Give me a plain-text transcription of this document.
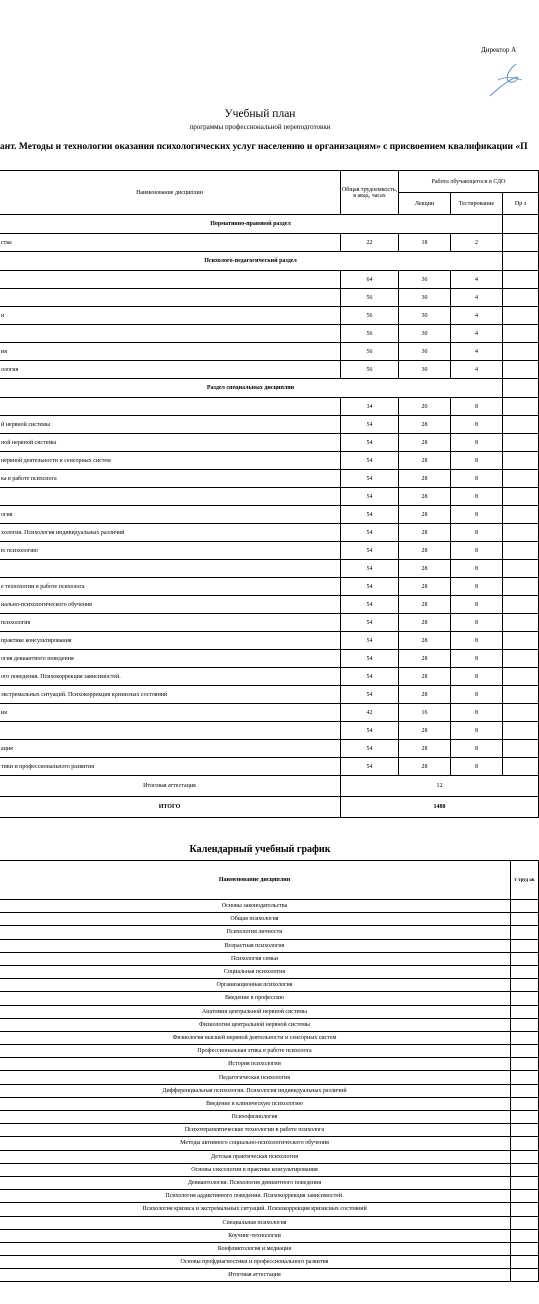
Директор А
Учебный план
программы профессиональной переподготовки
ант. Методы и технологии оказания психологических услуг населению и организациям» с присвоением квалификации «П
Наименование дисциплин	Общая трудоемкость, в акад. часах	Работа обучающегося в СДО		
		Лекции	Тестирование	Пр з
Нормативно-правовой раздел				
ства	22	18	2	
Психолого-педагогический раздел				
	64	36	4	
	56	30	4	
и	56	30	4	
	56	30	4	
ия	56	30	4	
ология	56	30	4	
Раздел специальных дисциплин				
	34	20	8	
й нервной системы	54	28	8	
ной нервной системы	54	28	8	
нервной деятельности и сенсорных систем	54	28	8	
ка в работе психолога	54	28	8	
	54	28	8	
огия	54	28	8	
хология. Психология индивидуальных различий	54	28	8	
ю психологию	54	28	8	
	54	28	8	
е технологии в работе психолога	54	28	8	
иально-психологического обучения	54	28	8	
психология	54	28	8	
практике консультирования	54	28	8	
огия девиантного поведения	54	28	8	
ого поведения. Психокоррекция зависимостей.	54	28	8	
экстремальных ситуаций. Психокоррекция кризисных состояний	54	28	8	
ия	42	16	8	
	54	28	8	
ация	54	28	8	
тики и профессионального развития	54	28	8	
Итоговая аттестация	12			
ИТОГО	1480			
Календарный учебный график
Наименование дисциплин	т труд ак
Основы законодательства	
Общая психология	
Психология личности	
Возрастная психология	
Психология семьи	
Социальная психология	
Организационная психология	
Введение в профессию	
Анатомия центральной нервной системы	
Физиология центральной нервной системы	
Физиология высшей нервной деятельности и сенсорных систем	
Профессиональная этика в работе психолога	
История психологии	
Педагогическая психология	
Дифференциальная психология. Психология индивидуальных различий	
Введение в клиническую психологию	
Психофизиология	
Психотерапевтические технологии в работе психолога	
Методы активного социально-психологического обучения	
Детская практическая психология	
Основы сексологии в практике консультирования	
Девиантология. Психология девиантного поведения	
Психология аддиктивного поведения. Психокоррекция зависимостей.	
Психология кризиса и экстремальных ситуаций. Психокоррекция кризисных состояний	
Специальная психология	
Коучинг-технологии	
Конфликтология и медиация	
Основы профдиагностики и профессионального развития	
Итоговая аттестация	
